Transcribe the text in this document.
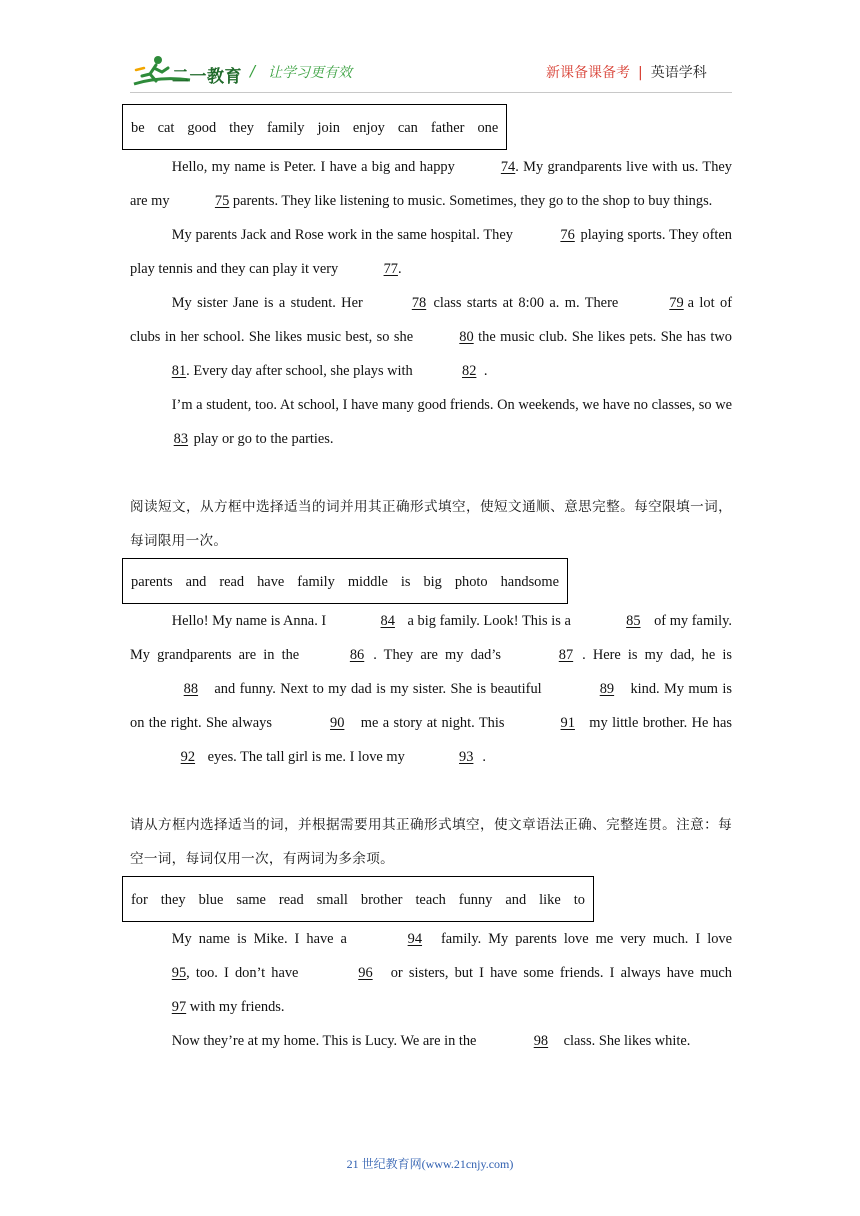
二一教育 / 让学习更有效	新课备课备考 | 英语学科
be cat good they family join enjoy can father one

Hello, my name is Peter. I have a big and happy	74. My grandparents live with us. They are my	75 parents. They like listening to music. Sometimes, they go to the shop to buy things.

My parents Jack and Rose work in the same hospital. They	76 playing sports. They often play tennis and they can play it very	77.

My sister Jane is a student. Her	78 class starts at 8:00 a. m. There	79 a lot of clubs in her school. She likes music best, so she	80 the music club. She likes pets. She has two 81. Every day after school, she plays with	82 .

I’m a student, too. At school, I have many good friends. On weekends, we have no classes, so we 83 play or go to the parties.

阅读短文，从方框中选择适当的词并用其正确形式填空，使短文通顺、意思完整。每空限填一词，每词限用一次。

parents and read have family middle is big photo handsome

Hello! My name is Anna. I	84 a big family. Look! This is a	85 of my family. My grandparents are in the	86 . They are my dad’s	87 . Here is my dad, he is 88 and funny. Next to my dad is my sister. She is beautiful	89 kind. My mum is on the right. She always	90 me a story at night. This	91 my little brother. He has 92 eyes. The tall girl is me. I love my	93 .

请从方框内选择适当的词，并根据需要用其正确形式填空，使文章语法正确、完整连贯。注意：每空一词，每词仅用一次，有两词为多余项。

for they blue same read small brother teach funny and like to

My name is Mike. I have a	94 family. My parents love me very much. I love 95, too. I don’t have	96 or sisters, but I have some friends. I always have much 97 with my friends.

Now they’re at my home. This is Lucy. We are in the	98 class. She likes white.

21 世纪教育网(www.21cnjy.com)
